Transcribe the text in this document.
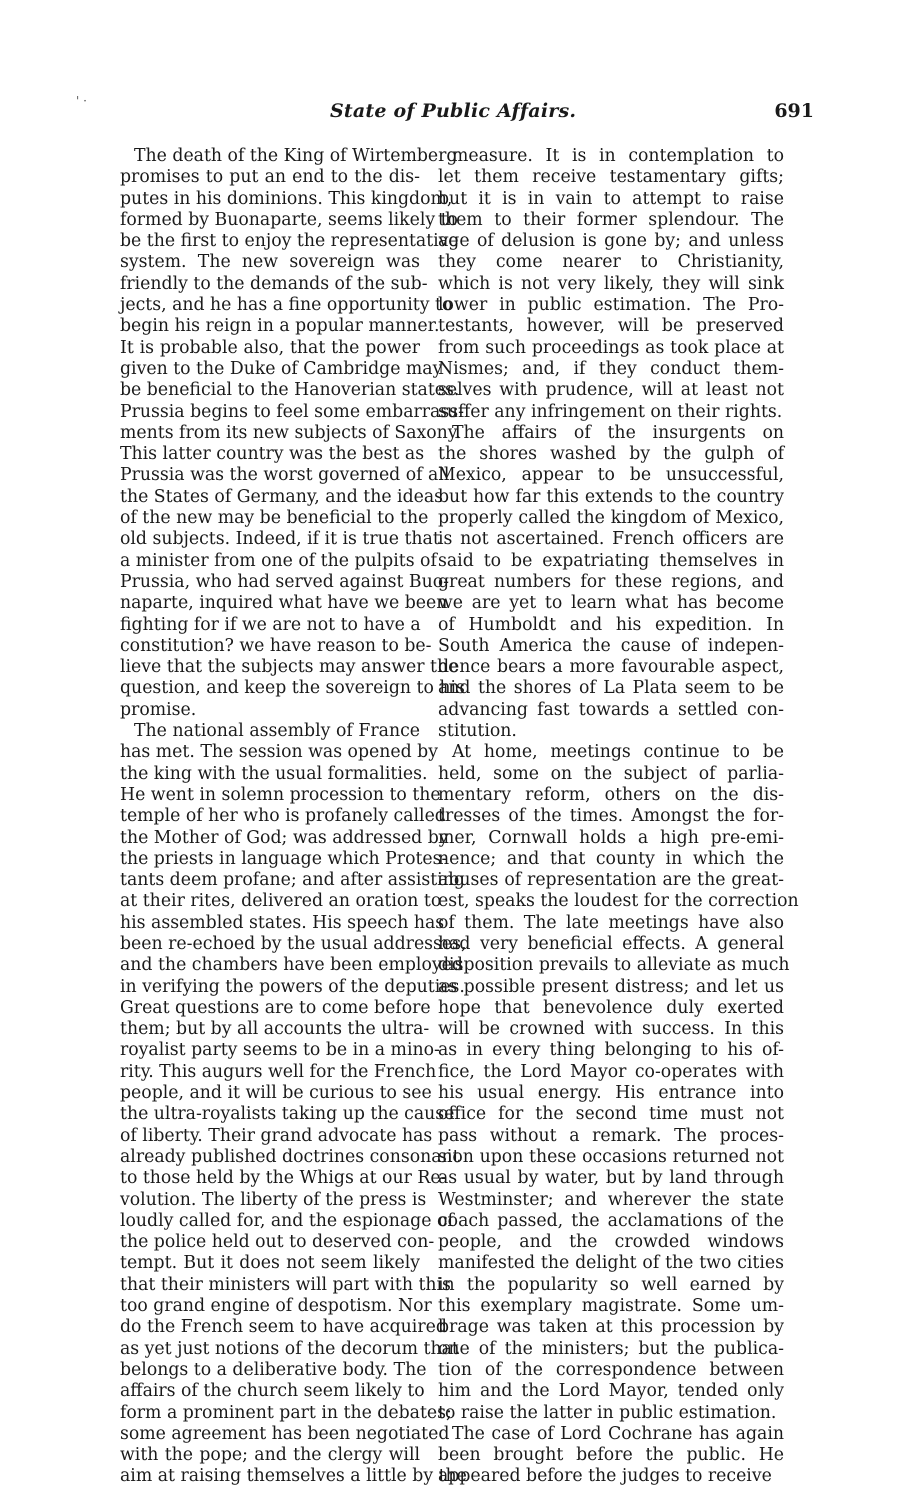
' ·	State of Public Affairs.	691

The death of the King of Wirtemberg
promises to put an end to the dis-
putes in his dominions. This kingdom,
formed by Buonaparte, seems likely to
be the first to enjoy the representative
system. The new sovereign was
friendly to the demands of the sub-
jects, and he has a fine opportunity to
begin his reign in a popular manner.
It is probable also, that the power
given to the Duke of Cambridge may
be beneficial to the Hanoverian states.
Prussia begins to feel some embarrass-
ments from its new subjects of Saxony.
This latter country was the best as
Prussia was the worst governed of all
the States of Germany, and the ideas
of the new may be beneficial to the
old subjects. Indeed, if it is true that
a minister from one of the pulpits of
Prussia, who had served against Buo-
naparte, inquired what have we been
fighting for if we are not to have a
constitution? we have reason to be-
lieve that the subjects may answer the
question, and keep the sovereign to his
promise.

The national assembly of France
has met. The session was opened by
the king with the usual formalities.
He went in solemn procession to the
temple of her who is profanely called
the Mother of God; was addressed by
the priests in language which Protes-
tants deem profane; and after assisting
at their rites, delivered an oration to
his assembled states. His speech has
been re-echoed by the usual addresses,
and the chambers have been employed
in verifying the powers of the deputies.
Great questions are to come before
them; but by all accounts the ultra-
royalist party seems to be in a mino-
rity. This augurs well for the French
people, and it will be curious to see
the ultra-royalists taking up the cause
of liberty. Their grand advocate has
already published doctrines consonant
to those held by the Whigs at our Re-
volution. The liberty of the press is
loudly called for, and the espionage of
the police held out to deserved con-
tempt. But it does not seem likely
that their ministers will part with this
too grand engine of despotism. Nor
do the French seem to have acquired
as yet just notions of the decorum that
belongs to a deliberative body. The
affairs of the church seem likely to
form a prominent part in the debates;
some agreement has been negotiated
with the pope; and the clergy will
aim at raising themselves a little by the

measure. It is in contemplation to
let them receive testamentary gifts;
but it is in vain to attempt to raise
them to their former splendour. The
age of delusion is gone by; and unless
they come nearer to Christianity,
which is not very likely, they will sink
lower in public estimation. The Pro-
testants, however, will be preserved
from such proceedings as took place at
Nismes; and, if they conduct them-
selves with prudence, will at least not
suffer any infringement on their rights.

The affairs of the insurgents on
the shores washed by the gulph of
Mexico, appear to be unsuccessful,
but how far this extends to the country
properly called the kingdom of Mexico,
is not ascertained. French officers are
said to be expatriating themselves in
great numbers for these regions, and
we are yet to learn what has become
of Humboldt and his expedition. In
South America the cause of indepen-
dence bears a more favourable aspect,
and the shores of La Plata seem to be
advancing fast towards a settled con-
stitution.

At home, meetings continue to be
held, some on the subject of parlia-
mentary reform, others on the dis-
tresses of the times. Amongst the for-
mer, Cornwall holds a high pre-emi-
nence; and that county in which the
abuses of representation are the great-
est, speaks the loudest for the correction
of them. The late meetings have also
had very beneficial effects. A general
disposition prevails to alleviate as much
as possible present distress; and let us
hope that benevolence duly exerted
will be crowned with success. In this
as in every thing belonging to his of-
fice, the Lord Mayor co-operates with
his usual energy. His entrance into
office for the second time must not
pass without a remark. The proces-
sion upon these occasions returned not
as usual by water, but by land through
Westminster; and wherever the state
coach passed, the acclamations of the
people, and the crowded windows
manifested the delight of the two cities
in the popularity so well earned by
this exemplary magistrate. Some um-
brage was taken at this procession by
one of the ministers; but the publica-
tion of the correspondence between
him and the Lord Mayor, tended only
to raise the latter in public estimation.

The case of Lord Cochrane has again
been brought before the public. He
appeared before the judges to receive
